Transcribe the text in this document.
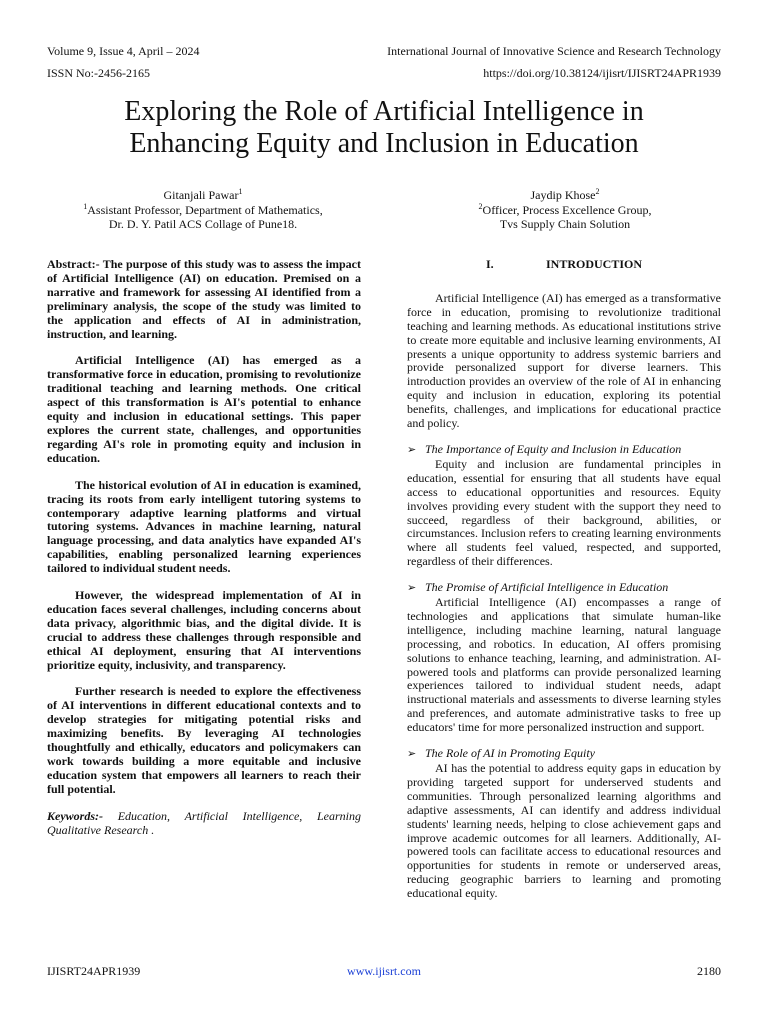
Volume 9, Issue 4, April – 2024
ISSN No:-2456-2165
International Journal of Innovative Science and Research Technology
https://doi.org/10.38124/ijisrt/IJISRT24APR1939
Exploring the Role of Artificial Intelligence in
Enhancing Equity and Inclusion in Education
Gitanjali Pawar$^1$
$^1$Assistant Professor, Department of Mathematics,
Dr. D. Y. Patil ACS Collage of Pune18.
Jaydip Khose$^2$
$^2$Officer, Process Excellence Group,
Tvs Supply Chain Solution

Abstract:- The purpose of this study was to assess the impact of Artificial Intelligence (AI) on education. Premised on a narrative and framework for assessing AI identified from a preliminary analysis, the scope of the study was limited to the application and effects of AI in administration, instruction, and learning.

Artificial Intelligence (AI) has emerged as a transformative force in education, promising to revolutionize traditional teaching and learning methods. One critical aspect of this transformation is AI's potential to enhance equity and inclusion in educational settings. This paper explores the current state, challenges, and opportunities regarding AI's role in promoting equity and inclusion in education.

The historical evolution of AI in education is examined, tracing its roots from early intelligent tutoring systems to contemporary adaptive learning platforms and virtual tutoring systems. Advances in machine learning, natural language processing, and data analytics have expanded AI's capabilities, enabling personalized learning experiences tailored to individual student needs.

However, the widespread implementation of AI in education faces several challenges, including concerns about data privacy, algorithmic bias, and the digital divide. It is crucial to address these challenges through responsible and ethical AI deployment, ensuring that AI interventions prioritize equity, inclusivity, and transparency.

Further research is needed to explore the effectiveness of AI interventions in different educational contexts and to develop strategies for mitigating potential risks and maximizing benefits. By leveraging AI technologies thoughtfully and ethically, educators and policymakers can work towards building a more equitable and inclusive education system that empowers all learners to reach their full potential.

Keywords:- Education, Artificial Intelligence, Learning Qualitative Research .

I.	INTRODUCTION

Artificial Intelligence (AI) has emerged as a transformative force in education, promising to revolutionize traditional teaching and learning methods. As educational institutions strive to create more equitable and inclusive learning environments, AI presents a unique opportunity to address systemic barriers and provide personalized support for diverse learners. This introduction provides an overview of the role of AI in enhancing equity and inclusion in education, exploring its potential benefits, challenges, and implications for educational practice and policy.

➢ The Importance of Equity and Inclusion in Education

Equity and inclusion are fundamental principles in education, essential for ensuring that all students have equal access to educational opportunities and resources. Equity involves providing every student with the support they need to succeed, regardless of their background, abilities, or circumstances. Inclusion refers to creating learning environments where all students feel valued, respected, and supported, regardless of their differences.

➢ The Promise of Artificial Intelligence in Education

Artificial Intelligence (AI) encompasses a range of technologies and applications that simulate human-like intelligence, including machine learning, natural language processing, and robotics. In education, AI offers promising solutions to enhance teaching, learning, and administration. AI-powered tools and platforms can provide personalized learning experiences tailored to individual student needs, adapt instructional materials and assessments to diverse learning styles and preferences, and automate administrative tasks to free up educators' time for more personalized instruction and support.

➢ The Role of AI in Promoting Equity

AI has the potential to address equity gaps in education by providing targeted support for underserved students and communities. Through personalized learning algorithms and adaptive assessments, AI can identify and address individual students' learning needs, helping to close achievement gaps and improve academic outcomes for all learners. Additionally, AI-powered tools can facilitate access to educational resources and opportunities for students in remote or underserved areas, reducing geographic barriers to learning and promoting educational equity.

IJISRT24APR1939	www.ijisrt.com	2180
